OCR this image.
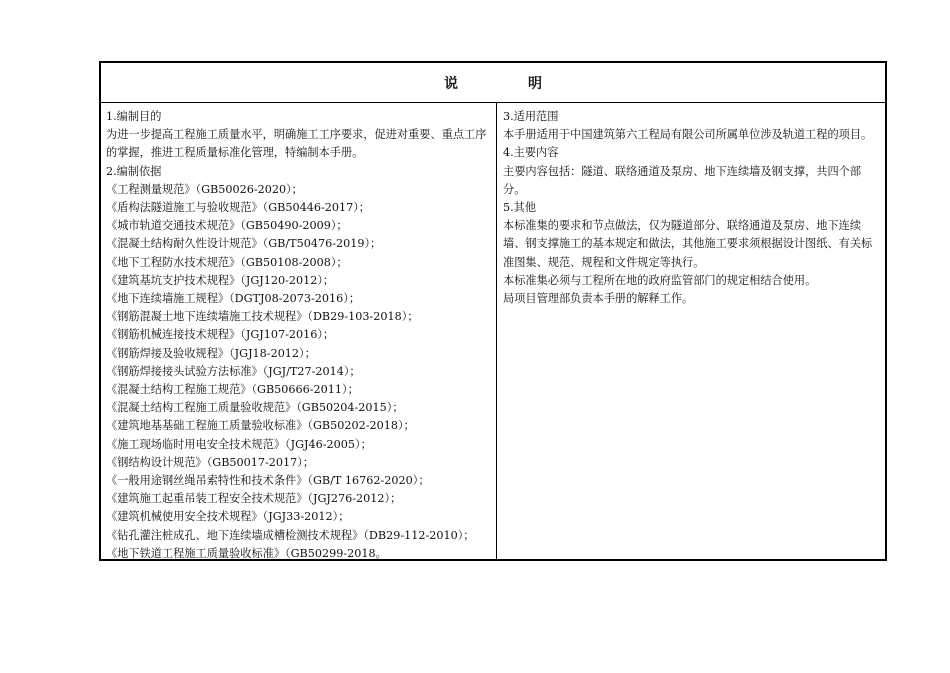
说　明
1.编制目的
为进一步提高工程施工质量水平，明确施工工序要求，促进对重要、重点工序的掌握，推进工程质量标准化管理，特编制本手册。
2.编制依据
《工程测量规范》（GB50026-2020）；
《盾构法隧道施工与验收规范》（GB50446-2017）；
《城市轨道交通技术规范》（GB50490-2009）；
《混凝土结构耐久性设计规范》（GB/T50476-2019）；
《地下工程防水技术规范》（GB50108-2008）；
《建筑基坑支护技术规程》（JGJ120-2012）；
《地下连续墙施工规程》（DGTJ08-2073-2016）；
《钢筋混凝土地下连续墙施工技术规程》（DB29-103-2018）；
《钢筋机械连接技术规程》（JGJ107-2016）；
《钢筋焊接及验收规程》（JGJ18-2012）；
《钢筋焊接接头试验方法标准》（JGJ/T27-2014）；
《混凝土结构工程施工规范》（GB50666-2011）；
《混凝土结构工程施工质量验收规范》（GB50204-2015）；
《建筑地基基础工程施工质量验收标准》（GB50202-2018）；
《施工现场临时用电安全技术规范》（JGJ46-2005）；
《钢结构设计规范》（GB50017-2017）；
《一般用途钢丝绳吊索特性和技术条件》（GB/T 16762-2020）；
《建筑施工起重吊装工程安全技术规范》（JGJ276-2012）；
《建筑机械使用安全技术规程》（JGJ33-2012）；
《钻孔灌注桩成孔、地下连续墙成槽检测技术规程》（DB29-112-2010）；
《地下铁道工程施工质量验收标准》（GB50299-2018。
3.适用范围
本手册适用于中国建筑第六工程局有限公司所属单位涉及轨道工程的项目。
4.主要内容
主要内容包括：隧道、联络通道及泵房、地下连续墙及钢支撑，共四个部分。
5.其他
本标准集的要求和节点做法，仅为隧道部分、联络通道及泵房、地下连续墙、钢支撑施工的基本规定和做法，其他施工要求须根据设计图纸、有关标准图集、规范、规程和文件规定等执行。
本标准集必须与工程所在地的政府监管部门的规定相结合使用。
局项目管理部负责本手册的解释工作。
